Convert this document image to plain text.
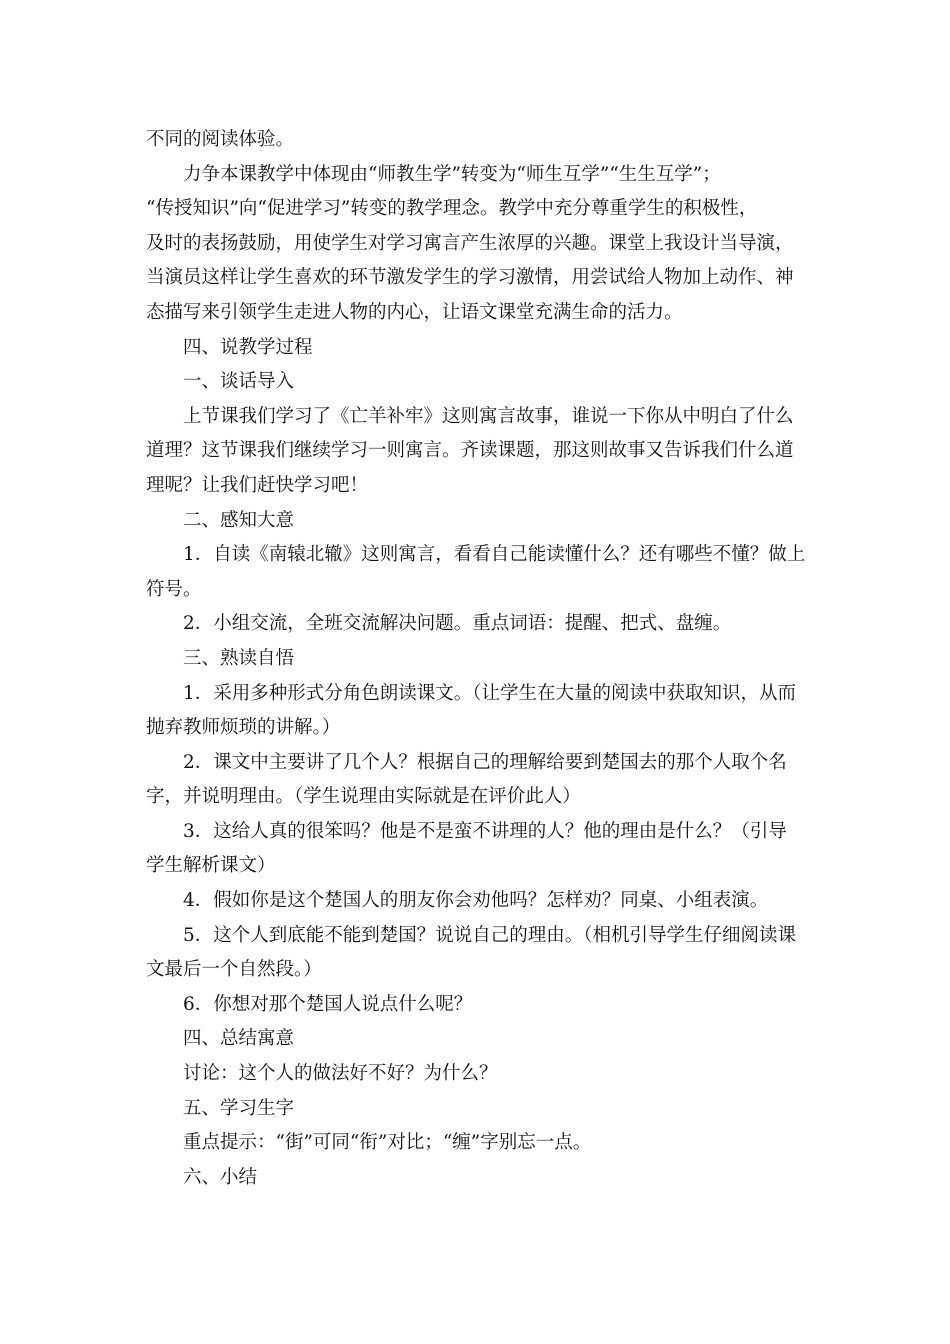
不同的阅读体验。
力争本课教学中体现由“师教生学”转变为“师生互学”“生生互学”；
“传授知识”向“促进学习”转变的教学理念。教学中充分尊重学生的积极性，
及时的表扬鼓励，用使学生对学习寓言产生浓厚的兴趣。课堂上我设计当导演，
当演员这样让学生喜欢的环节激发学生的学习激情，用尝试给人物加上动作、神
态描写来引领学生走进人物的内心，让语文课堂充满生命的活力。
四、说教学过程
一、谈话导入
上节课我们学习了《亡羊补牢》这则寓言故事，谁说一下你从中明白了什么
道理？这节课我们继续学习一则寓言。齐读课题，那这则故事又告诉我们什么道
理呢？让我们赶快学习吧！
二、感知大意
1．自读《南辕北辙》这则寓言，看看自己能读懂什么？还有哪些不懂？做上
符号。
2．小组交流，全班交流解决问题。重点词语：提醒、把式、盘缠。
三、熟读自悟
1．采用多种形式分角色朗读课文。（让学生在大量的阅读中获取知识，从而
抛弃教师烦琐的讲解。）
2．课文中主要讲了几个人？根据自己的理解给要到楚国去的那个人取个名
字，并说明理由。（学生说理由实际就是在评价此人）
3．这给人真的很笨吗？他是不是蛮不讲理的人？他的理由是什么？（引导
学生解析课文）
4．假如你是这个楚国人的朋友你会劝他吗？怎样劝？同桌、小组表演。
5．这个人到底能不能到楚国？说说自己的理由。（相机引导学生仔细阅读课
文最后一个自然段。）
6．你想对那个楚国人说点什么呢？
四、总结寓意
讨论：这个人的做法好不好？为什么？
五、学习生字
重点提示：“街”可同“衔”对比；“缠”字别忘一点。
六、小结
